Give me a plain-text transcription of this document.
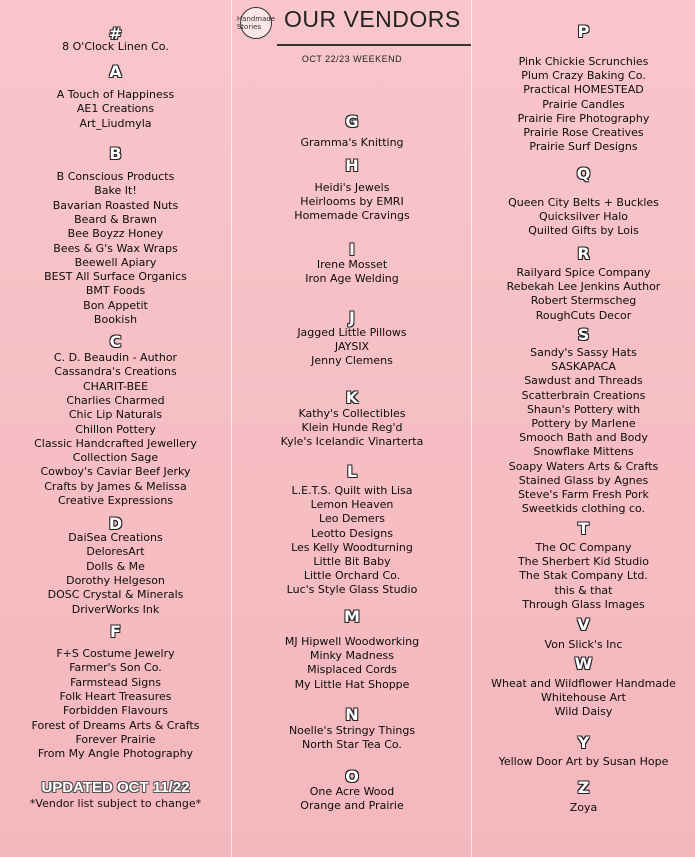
Handmade Stories OUR VENDORS
OCT 22/23 WEEKEND
#
8 O'Clock Linen Co.
A
A Touch of Happiness
AE1 Creations
Art_Liudmyla
B
B Conscious Products
Bake It!
Bavarian Roasted Nuts
Beard & Brawn
Bee Boyzz Honey
Bees & G's Wax Wraps
Beewell Apiary
BEST All Surface Organics
BMT Foods
Bon Appetit
Bookish
C
C. D. Beaudin - Author
Cassandra's Creations
CHARIT-BEE
Charlies Charmed
Chic Lip Naturals
Chillon Pottery
Classic Handcrafted Jewellery
Collection Sage
Cowboy's Caviar Beef Jerky
Crafts by James & Melissa
Creative Expressions
D
DaiSea Creations
DeloresArt
Dolls & Me
Dorothy Helgeson
DOSC Crystal & Minerals
DriverWorks Ink
F
F+S Costume Jewelry
Farmer's Son Co.
Farmstead Signs
Folk Heart Treasures
Forbidden Flavours
Forest of Dreams Arts & Crafts
Forever Prairie
From My Angle Photography
G
Gramma's Knitting
H
Heidi's Jewels
Heirlooms by EMRI
Homemade Cravings
I
Irene Mosset
Iron Age Welding
J
Jagged Little Pillows
JAYSIX
Jenny Clemens
K
Kathy's Collectibles
Klein Hunde Reg'd
Kyle's Icelandic Vinarterta
L
L.E.T.S. Quilt with Lisa
Lemon Heaven
Leo Demers
Leotto Designs
Les Kelly Woodturning
Little Bit Baby
Little Orchard Co.
Luc's Style Glass Studio
M
MJ Hipwell Woodworking
Minky Madness
Misplaced Cords
My Little Hat Shoppe
N
Noelle's Stringy Things
North Star Tea Co.
O
One Acre Wood
Orange and Prairie
P
Pink Chickie Scrunchies
Plum Crazy Baking Co.
Practical HOMESTEAD
Prairie Candles
Prairie Fire Photography
Prairie Rose Creatives
Prairie Surf Designs
Q
Queen City Belts + Buckles
Quicksilver Halo
Quilted Gifts by Lois
R
Railyard Spice Company
Rebekah Lee Jenkins Author
Robert Stermscheg
RoughCuts Decor
S
Sandy's Sassy Hats
SASKAPACA
Sawdust and Threads
Scatterbrain Creations
Shaun's Pottery with
Pottery by Marlene
Smooch Bath and Body
Snowflake Mittens
Soapy Waters Arts & Crafts
Stained Glass by Agnes
Steve's Farm Fresh Pork
Sweetkids clothing co.
T
The OC Company
The Sherbert Kid Studio
The Stak Company Ltd.
this & that
Through Glass Images
V
Von Slick's Inc
W
Wheat and Wildflower Handmade
Whitehouse Art
Wild Daisy
Y
Yellow Door Art by Susan Hope
Z
Zoya
UPDATED OCT 11/22
*Vendor list subject to change*
